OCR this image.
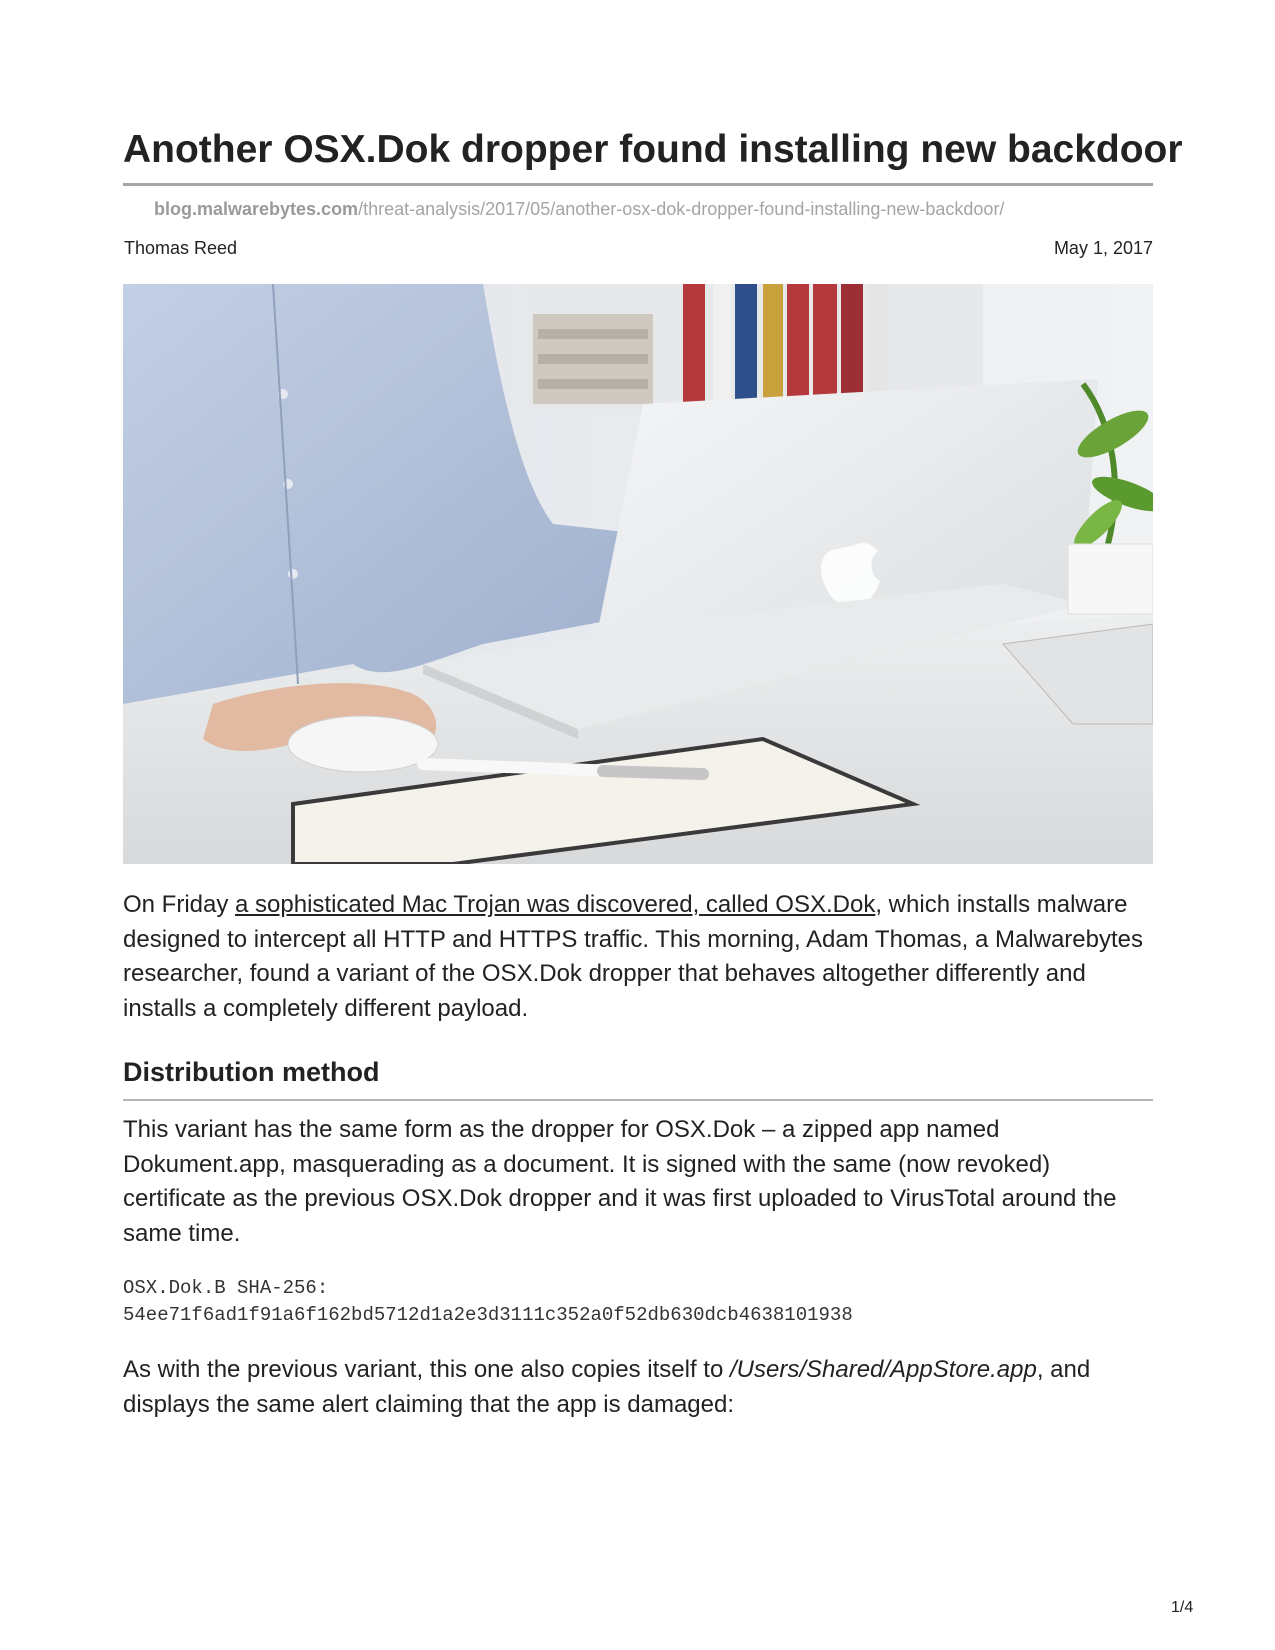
Another OSX.Dok dropper found installing new backdoor
blog.malwarebytes.com/threat-analysis/2017/05/another-osx-dok-dropper-found-installing-new-backdoor/
Thomas Reed	May 1, 2017

On Friday a sophisticated Mac Trojan was discovered, called OSX.Dok, which installs malware designed to intercept all HTTP and HTTPS traffic. This morning, Adam Thomas, a Malwarebytes researcher, found a variant of the OSX.Dok dropper that behaves altogether differently and installs a completely different payload.

Distribution method

This variant has the same form as the dropper for OSX.Dok – a zipped app named Dokument.app, masquerading as a document. It is signed with the same (now revoked) certificate as the previous OSX.Dok dropper and it was first uploaded to VirusTotal around the same time.

OSX.Dok.B SHA-256:
54ee71f6ad1f91a6f162bd5712d1a2e3d3111c352a0f52db630dcb4638101938

As with the previous variant, this one also copies itself to /Users/Shared/AppStore.app, and displays the same alert claiming that the app is damaged:

1/4
